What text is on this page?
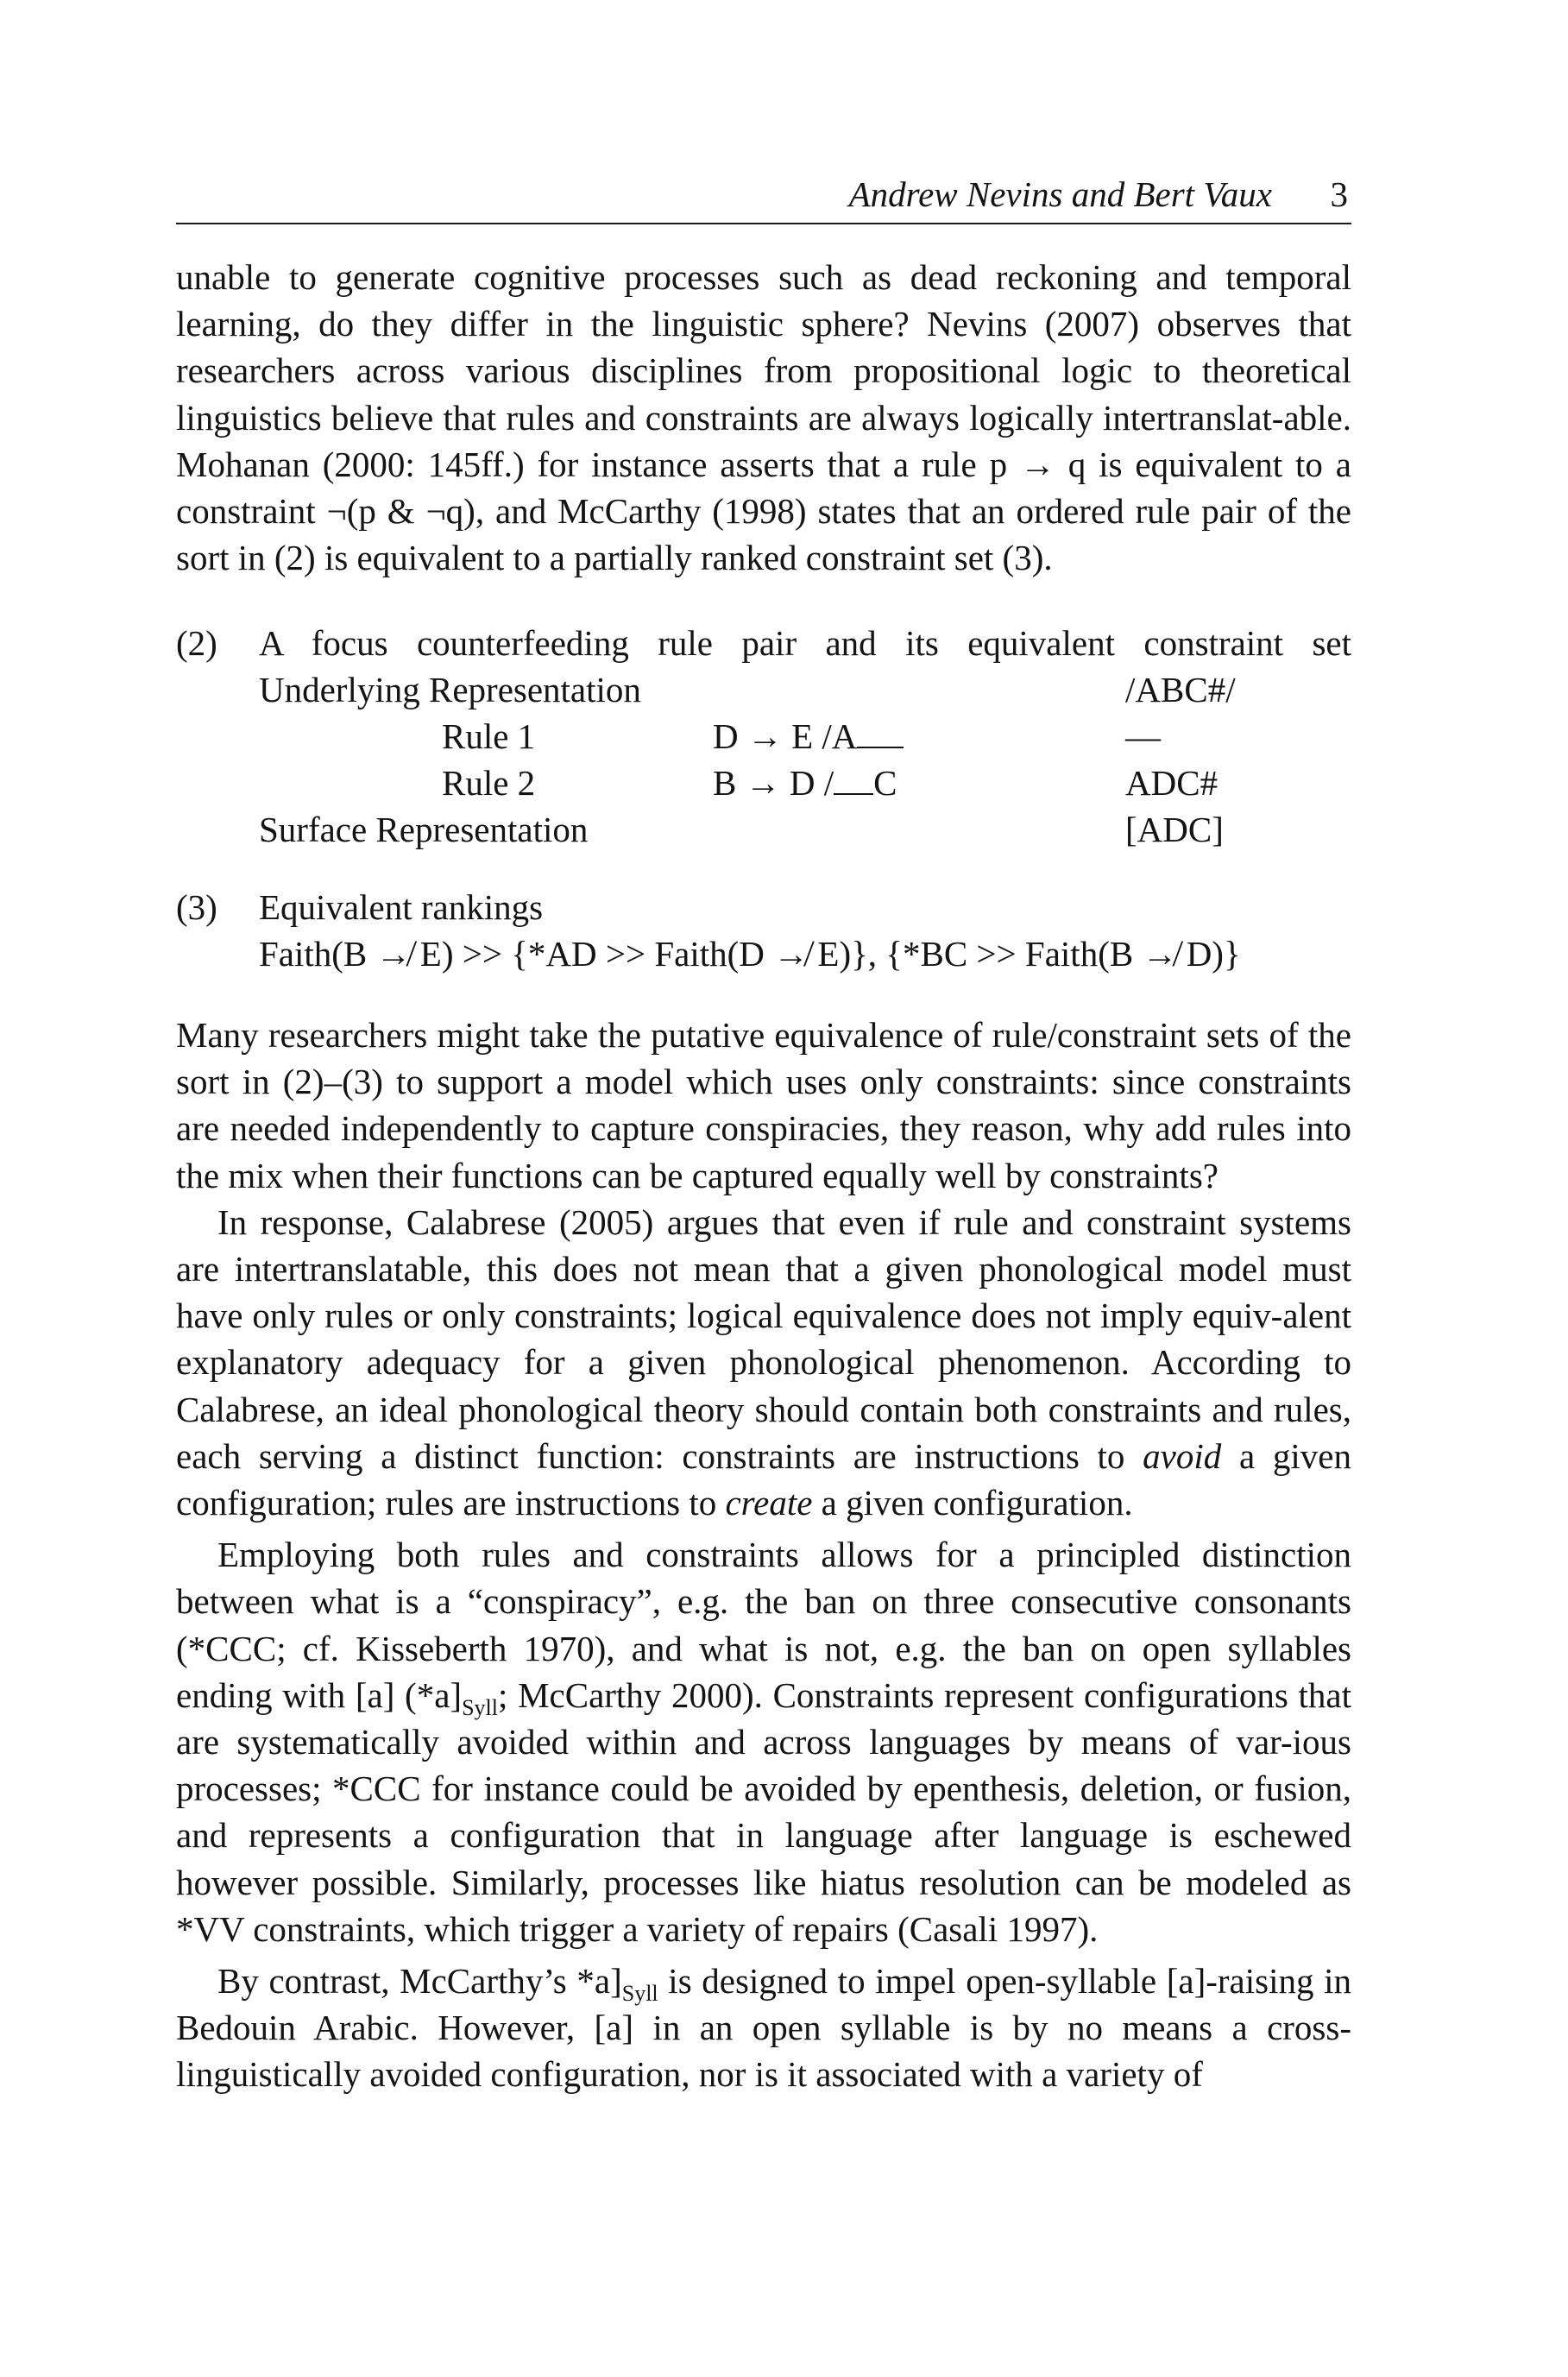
Andrew Nevins and Bert Vaux 3

unable to generate cognitive processes such as dead reckoning and temporal learning, do they differ in the linguistic sphere? Nevins (2007) observes that researchers across various disciplines from propositional logic to theoretical linguistics believe that rules and constraints are always logically intertranslat-able. Mohanan (2000: 145ff.) for instance asserts that a rule p → q is equivalent to a constraint ¬(p & ¬q), and McCarthy (1998) states that an ordered rule pair of the sort in (2) is equivalent to a partially ranked constraint set (3).

(2) A focus counterfeeding rule pair and its equivalent constraint set
Underlying Representation	/ABC#/
Rule 1	D → E /A	—
Rule 2	B → D / C	ADC#
Surface Representation	[ADC]
(3) Equivalent rankings
Faith(B ↛ E) >> {*AD >> Faith(D ↛ E)}, {*BC >> Faith(B ↛ D)}

Many researchers might take the putative equivalence of rule/constraint sets of the sort in (2)–(3) to support a model which uses only constraints: since constraints are needed independently to capture conspiracies, they reason, why add rules into the mix when their functions can be captured equally well by constraints?

In response, Calabrese (2005) argues that even if rule and constraint systems are intertranslatable, this does not mean that a given phonological model must have only rules or only constraints; logical equivalence does not imply equiv-alent explanatory adequacy for a given phonological phenomenon. According to Calabrese, an ideal phonological theory should contain both constraints and rules, each serving a distinct function: constraints are instructions to avoid a given configuration; rules are instructions to create a given configuration.

Employing both rules and constraints allows for a principled distinction between what is a “conspiracy”, e.g. the ban on three consecutive consonants (*CCC; cf. Kisseberth 1970), and what is not, e.g. the ban on open syllables ending with [a] $(*a]_{Syll}$; McCarthy 2000). Constraints represent configurations that are systematically avoided within and across languages by means of var-ious processes; *CCC for instance could be avoided by epenthesis, deletion, or fusion, and represents a configuration that in language after language is eschewed however possible. Similarly, processes like hiatus resolution can be modeled as *VV constraints, which trigger a variety of repairs (Casali 1997).

By contrast, McCarthy’s $*a]_{Syll}$ is designed to impel open-syllable [a]-raising in Bedouin Arabic. However, [a] in an open syllable is by no means a cross-linguistically avoided configuration, nor is it associated with a variety of
